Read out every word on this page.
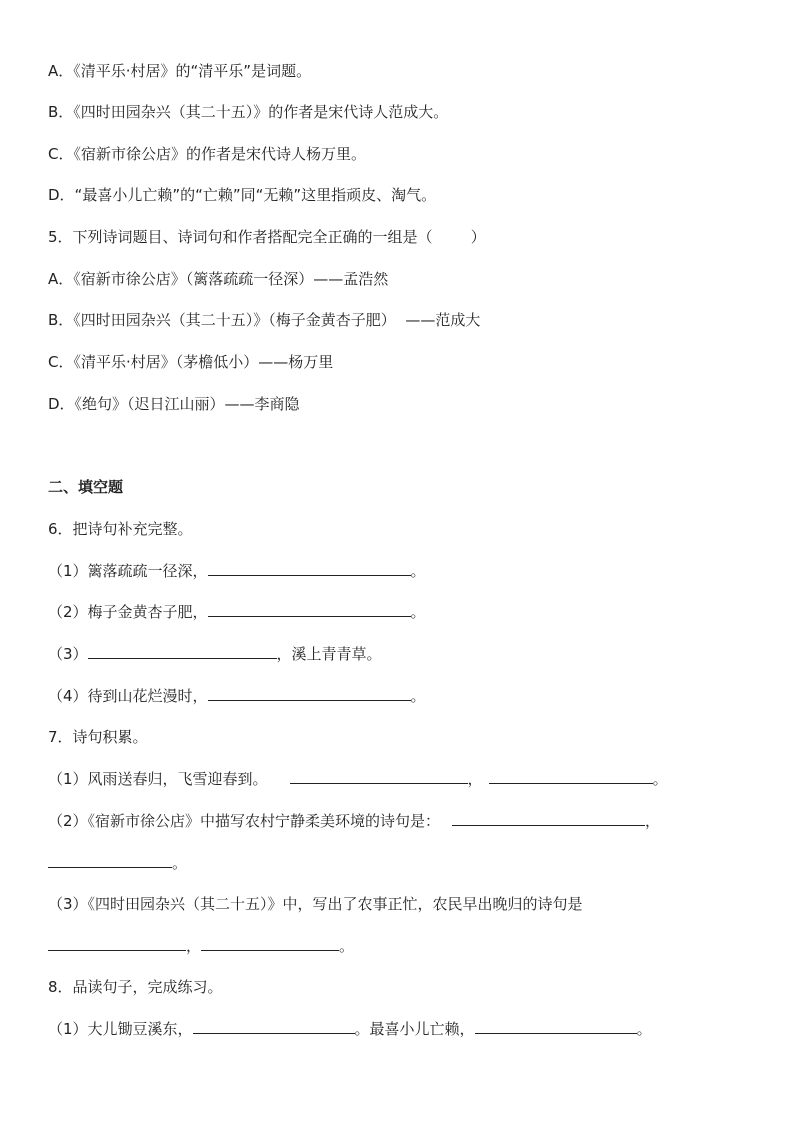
A．《清平乐·村居》的“清平乐”是词题。
B．《四时田园杂兴（其二十五）》的作者是宋代诗人范成大。
C．《宿新市徐公店》的作者是宋代诗人杨万里。
D．“最喜小儿亡赖”的“亡赖”同“无赖”这里指顽皮、淘气。
5．下列诗词题目、诗词句和作者搭配完全正确的一组是（        ）
A．《宿新市徐公店》（篱落疏疏一径深）——孟浩然
B．《四时田园杂兴（其二十五）》（梅子金黄杏子肥）  ——范成大
C．《清平乐·村居》（茅檐低小）——杨万里
D．《绝句》（迟日江山丽）——李商隐
二、填空题
6．把诗句补充完整。
（1）篱落疏疏一径深，	。
（2）梅子金黄杏子肥，	。
（3）	，溪上青青草。
（4）待到山花烂漫时，	。
7．诗句积累。
（1）风雨送春归，飞雪迎春到。	，	。
（2）《宿新市徐公店》中描写农村宁静柔美环境的诗句是：	，
。
（3）《四时田园杂兴（其二十五）》中，写出了农事正忙，农民早出晚归的诗句是
，	。
8．品读句子，完成练习。
（1）大儿锄豆溪东，	。最喜小儿亡赖，	。
